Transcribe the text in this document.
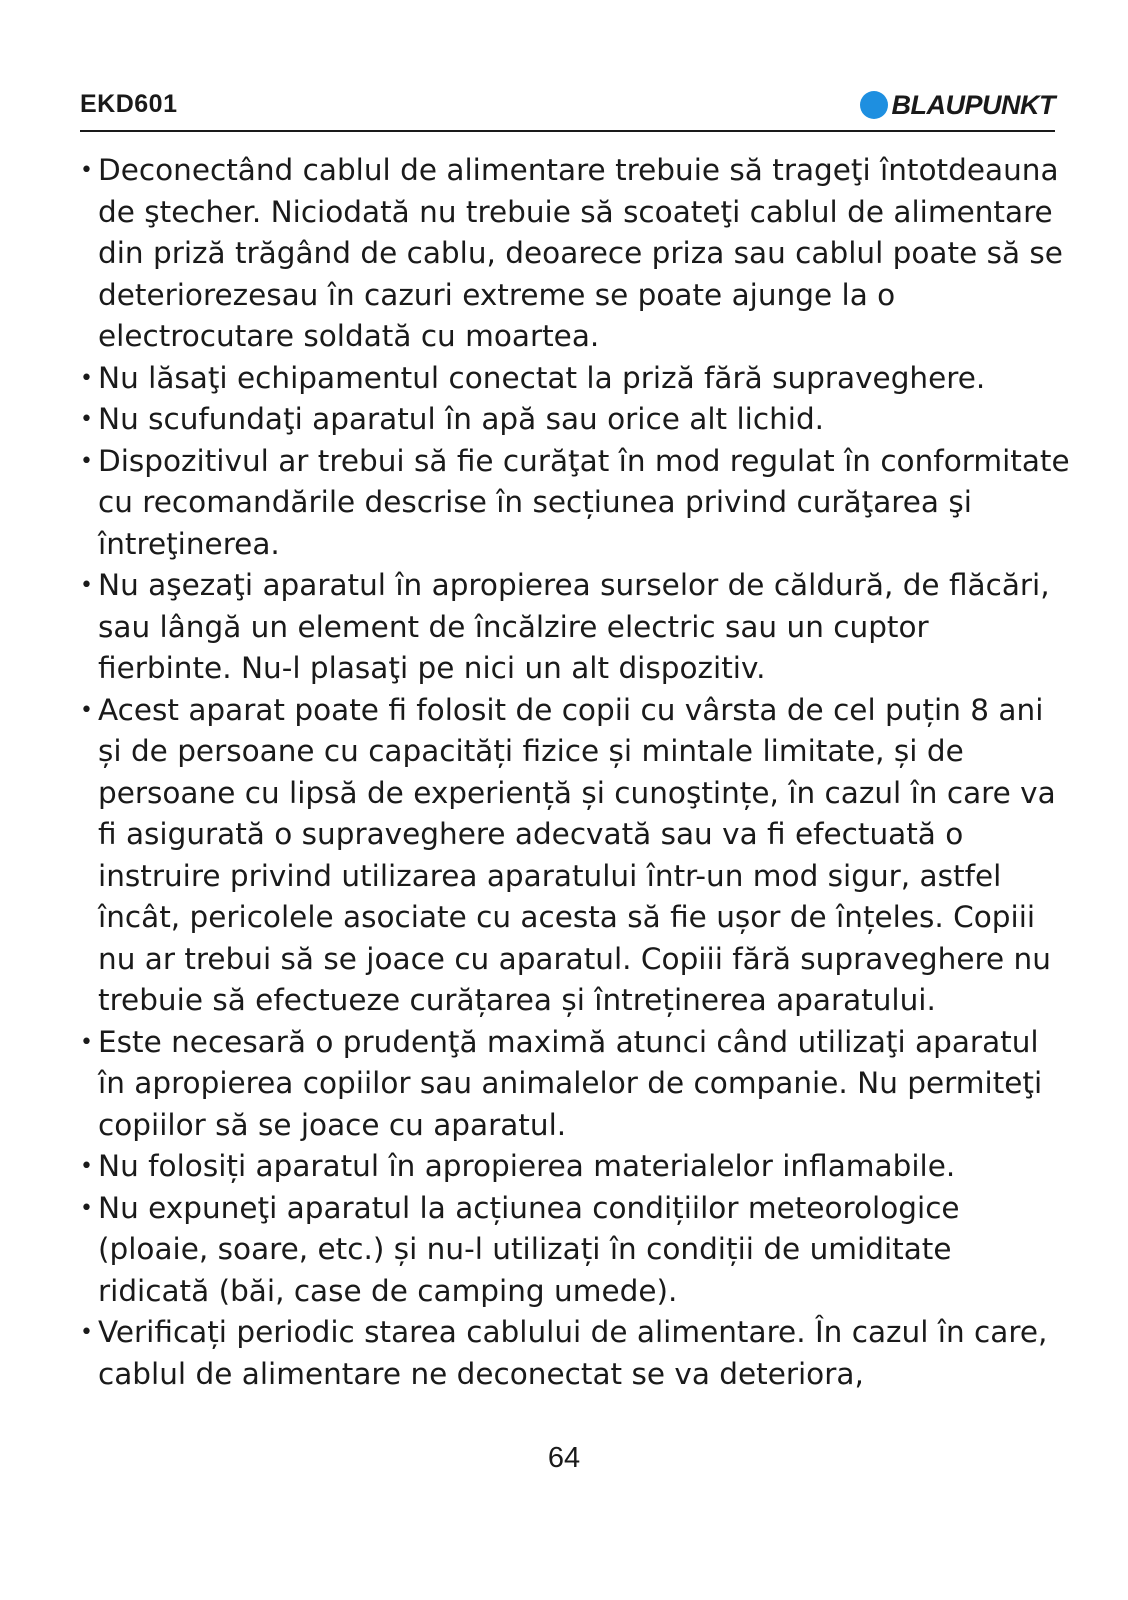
EKD601	BLAUPUNKT
• Deconectând cablul de alimentare trebuie să trageţi întotdeauna de ştecher. Niciodată nu trebuie să scoateţi cablul de alimentare din priză trăgând de cablu, deoarece priza sau cablul poate să se deteriorezesau în cazuri extreme se poate ajunge la o electrocutare soldată cu moartea.
• Nu lăsaţi echipamentul conectat la priză fără supraveghere.
• Nu scufundaţi aparatul în apă sau orice alt lichid.
• Dispozitivul ar trebui să fie curăţat în mod regulat în conformitate cu recomandările descrise în secțiunea privind curăţarea şi întreţinerea.
• Nu aşezaţi aparatul în apropierea surselor de căldură, de flăcări, sau lângă un element de încălzire electric sau un cuptor fierbinte. Nu-l plasaţi pe nici un alt dispozitiv.
• Acest aparat poate fi folosit de copii cu vârsta de cel puțin 8 ani și de persoane cu capacități fizice și mintale limitate, și de persoane cu lipsă de experiență și cunoştințe, în cazul în care va fi asigurată o supraveghere adecvată sau va fi efectuată o instruire privind utilizarea aparatului într-un mod sigur, astfel încât, pericolele asociate cu acesta să fie ușor de înțeles. Copiii nu ar trebui să se joace cu aparatul. Copiii fără supraveghere nu trebuie să efectueze curățarea și întreținerea aparatului.
• Este necesară o prudenţă maximă atunci când utilizaţi aparatul în apropierea copiilor sau animalelor de companie. Nu permiteţi copiilor să se joace cu aparatul.
• Nu folosiți aparatul în apropierea materialelor inflamabile.
• Nu expuneţi aparatul la acțiunea condițiilor meteorologice (ploaie, soare, etc.) și nu-l utilizați în condiții de umiditate ridicată (băi, case de camping umede).
• Verificați periodic starea cablului de alimentare. În cazul în care, cablul de alimentare ne deconectat se va deteriora,
64
